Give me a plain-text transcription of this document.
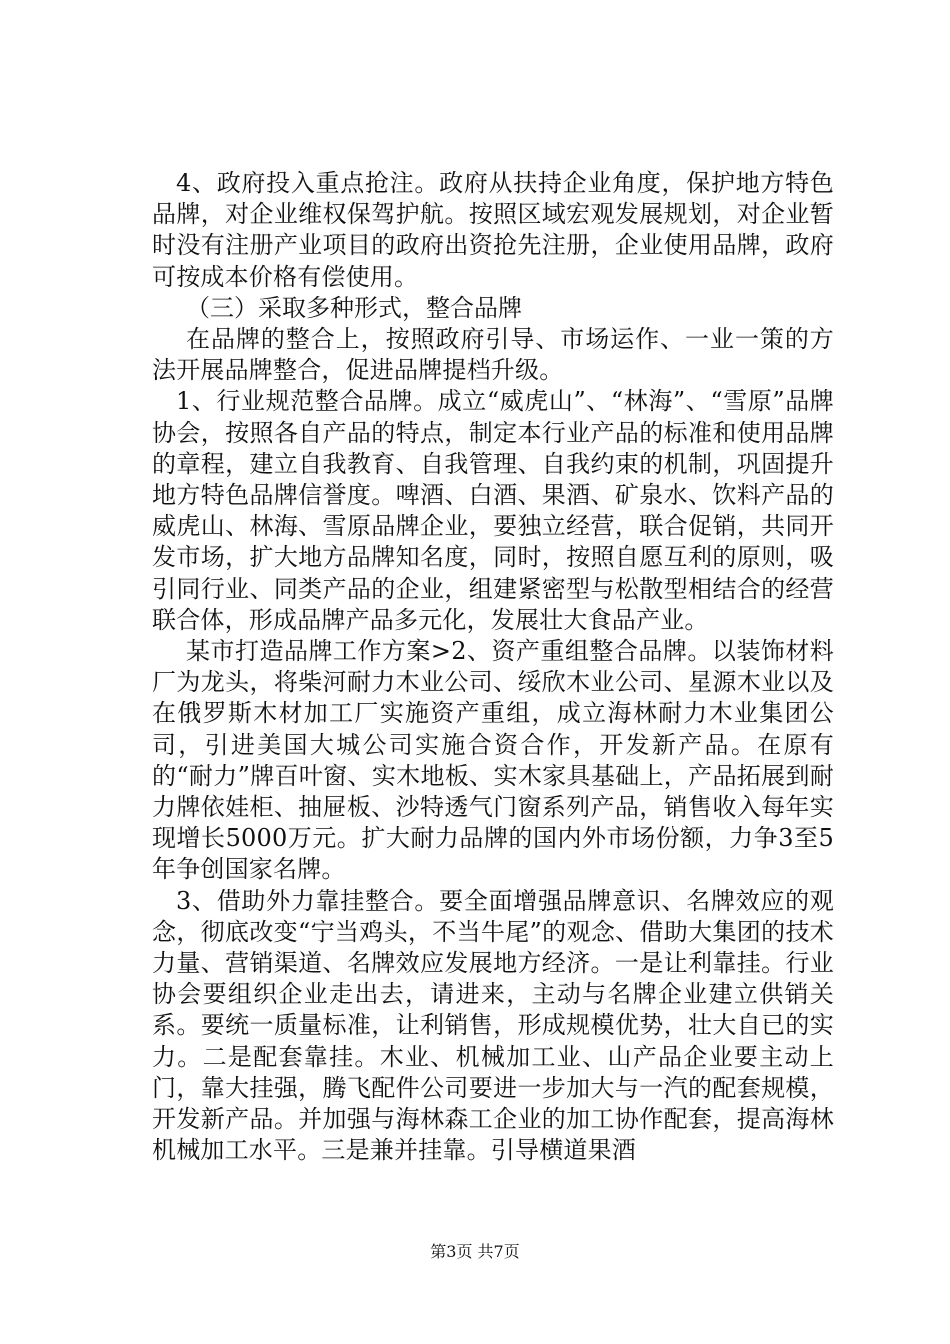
4、政府投入重点抢注。政府从扶持企业角度，保护地方特色品牌，对企业维权保驾护航。按照区域宏观发展规划，对企业暂时没有注册产业项目的政府出资抢先注册，企业使用品牌，政府可按成本价格有偿使用。

（三）采取多种形式，整合品牌

在品牌的整合上，按照政府引导、市场运作、一业一策的方法开展品牌整合，促进品牌提档升级。

1、行业规范整合品牌。成立“威虎山”、“林海”、“雪原”品牌协会，按照各自产品的特点，制定本行业产品的标准和使用品牌的章程，建立自我教育、自我管理、自我约束的机制，巩固提升地方特色品牌信誉度。啤酒、白酒、果酒、矿泉水、饮料产品的威虎山、林海、雪原品牌企业，要独立经营，联合促销，共同开发市场，扩大地方品牌知名度，同时，按照自愿互利的原则，吸引同行业、同类产品的企业，组建紧密型与松散型相结合的经营联合体，形成品牌产品多元化，发展壮大食品产业。

某市打造品牌工作方案>2、资产重组整合品牌。以装饰材料厂为龙头，将柴河耐力木业公司、绥欣木业公司、星源木业以及在俄罗斯木材加工厂实施资产重组，成立海林耐力木业集团公司，引进美国大城公司实施合资合作，开发新产品。在原有的“耐力”牌百叶窗、实木地板、实木家具基础上，产品拓展到耐力牌依娃柜、抽屉板、沙特透气门窗系列产品，销售收入每年实现增长5000万元。扩大耐力品牌的国内外市场份额，力争3至5年争创国家名牌。

3、借助外力靠挂整合。要全面增强品牌意识、名牌效应的观念，彻底改变“宁当鸡头，不当牛尾”的观念、借助大集团的技术力量、营销渠道、名牌效应发展地方经济。一是让利靠挂。行业协会要组织企业走出去，请进来，主动与名牌企业建立供销关系。要统一质量标准，让利销售，形成规模优势，壮大自已的实力。二是配套靠挂。木业、机械加工业、山产品企业要主动上门，靠大挂强，腾飞配件公司要进一步加大与一汽的配套规模，开发新产品。并加强与海林森工企业的加工协作配套，提高海林机械加工水平。三是兼并挂靠。引导横道果酒

第3页 共7页
